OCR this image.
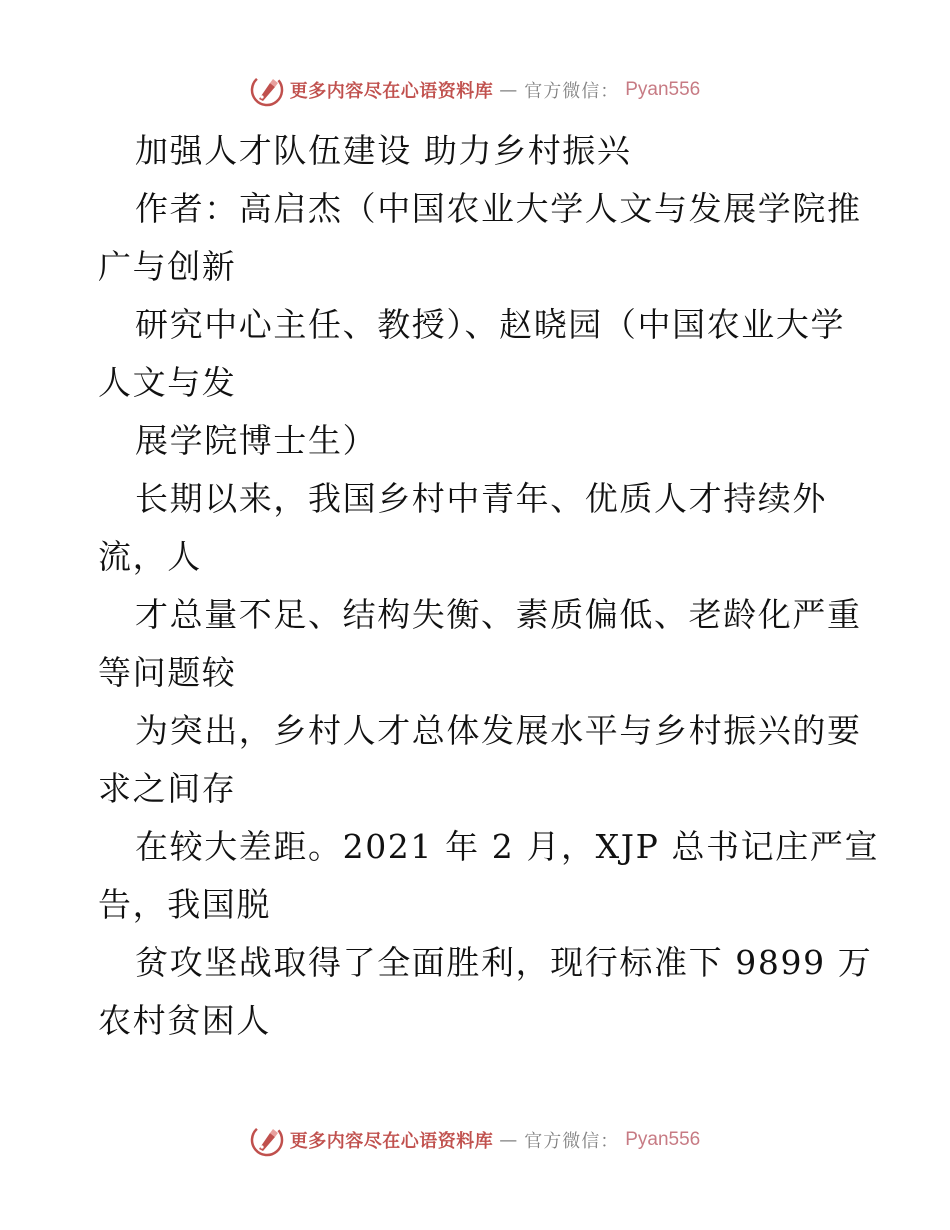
更多内容尽在心语资料库 — 官方微信： Pyan556
加强人才队伍建设 助力乡村振兴
作者：高启杰（中国农业大学人文与发展学院推
广与创新
研究中心主任、教授）、赵晓园（中国农业大学
人文与发
展学院博士生）
长期以来，我国乡村中青年、优质人才持续外
流，人
才总量不足、结构失衡、素质偏低、老龄化严重
等问题较
为突出，乡村人才总体发展水平与乡村振兴的要
求之间存
在较大差距。2021 年 2 月，XJP 总书记庄严宣
告，我国脱
贫攻坚战取得了全面胜利，现行标准下 9899 万
农村贫困人
更多内容尽在心语资料库 — 官方微信： Pyan556
